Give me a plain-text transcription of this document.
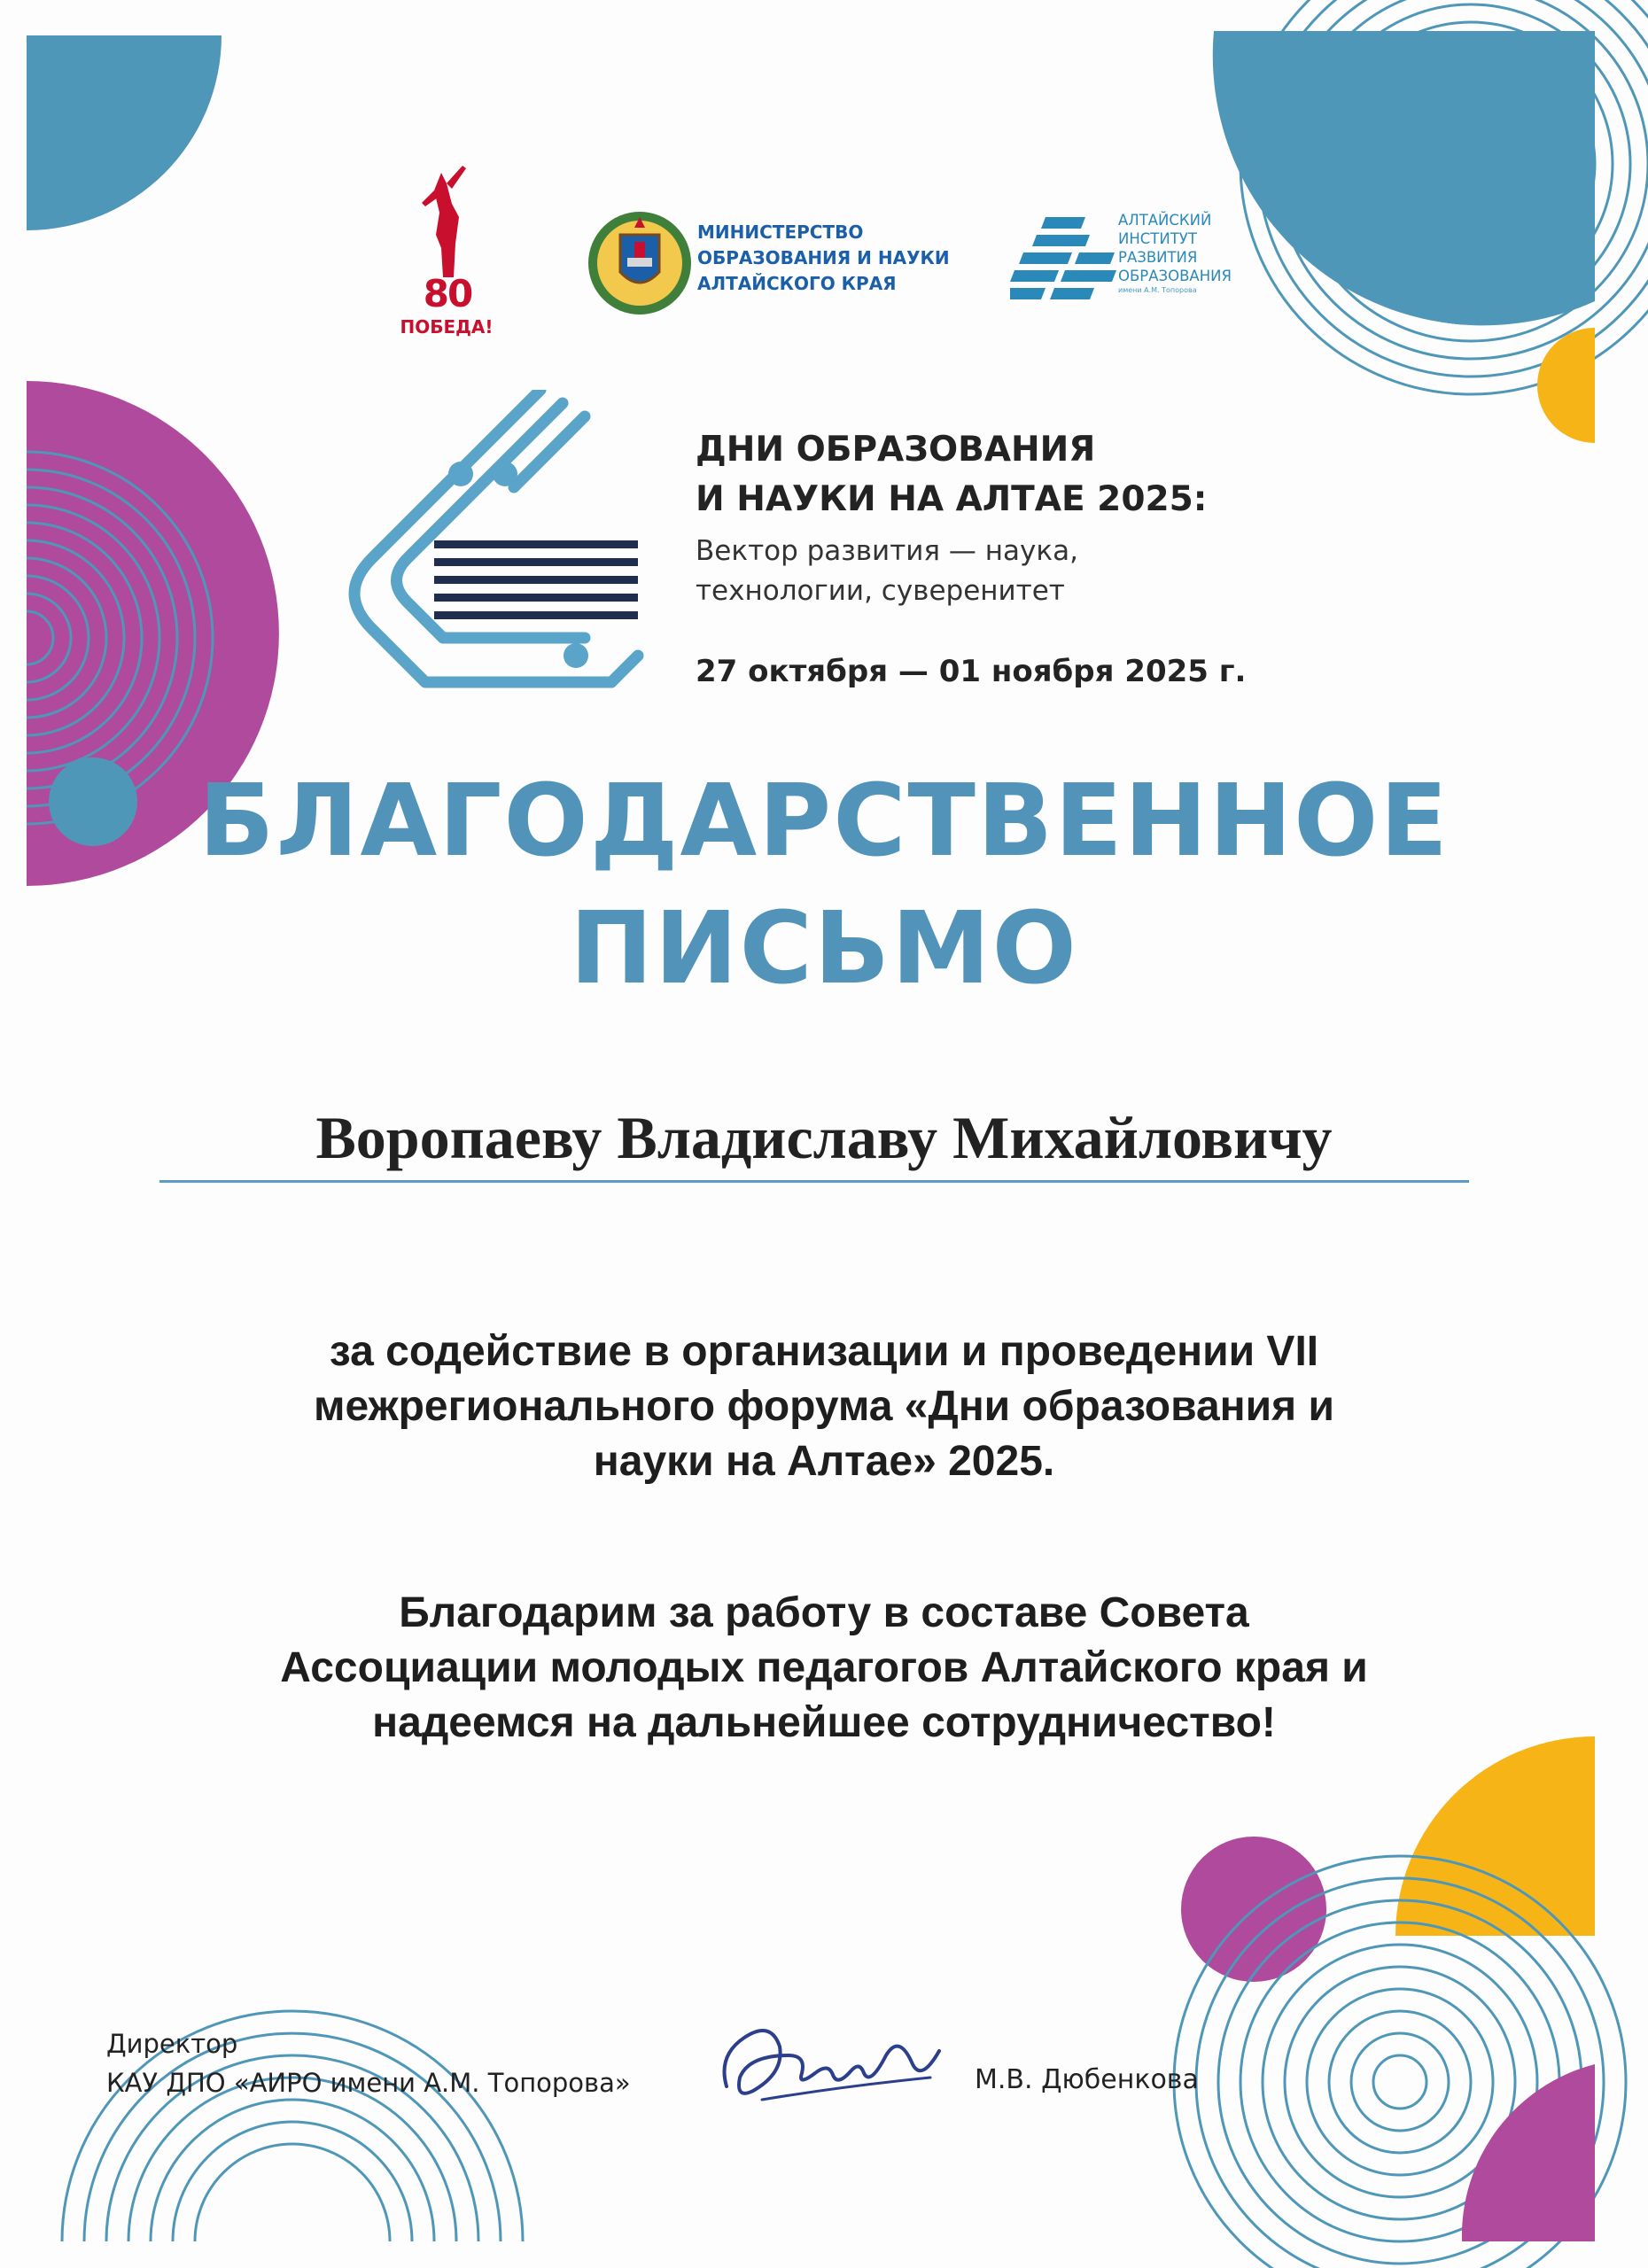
80
ПОБЕДА!
МИНИСТЕРСТВО
ОБРАЗОВАНИЯ И НАУКИ
АЛТАЙСКОГО КРАЯ
АЛТАЙСКИЙ
ИНСТИТУТ
РАЗВИТИЯ
ОБРАЗОВАНИЯ
имени А.М. Топорова
ДНИ ОБРАЗОВАНИЯ
И НАУКИ НА АЛТАЕ 2025:
Вектор развития — наука,
технологии, суверенитет
27 октября — 01 ноября 2025 г.
БЛАГОДАРСТВЕННОЕ
ПИСЬМО
Воропаеву Владиславу Михайловичу
за содействие в организации и проведении VII
межрегионального форума «Дни образования и
науки на Алтае» 2025.
Благодарим за работу в составе Совета
Ассоциации молодых педагогов Алтайского края и
надеемся на дальнейшее сотрудничество!
Директор
КАУ ДПО «АИРО имени А.М. Топорова»	М.В. Дюбенкова
